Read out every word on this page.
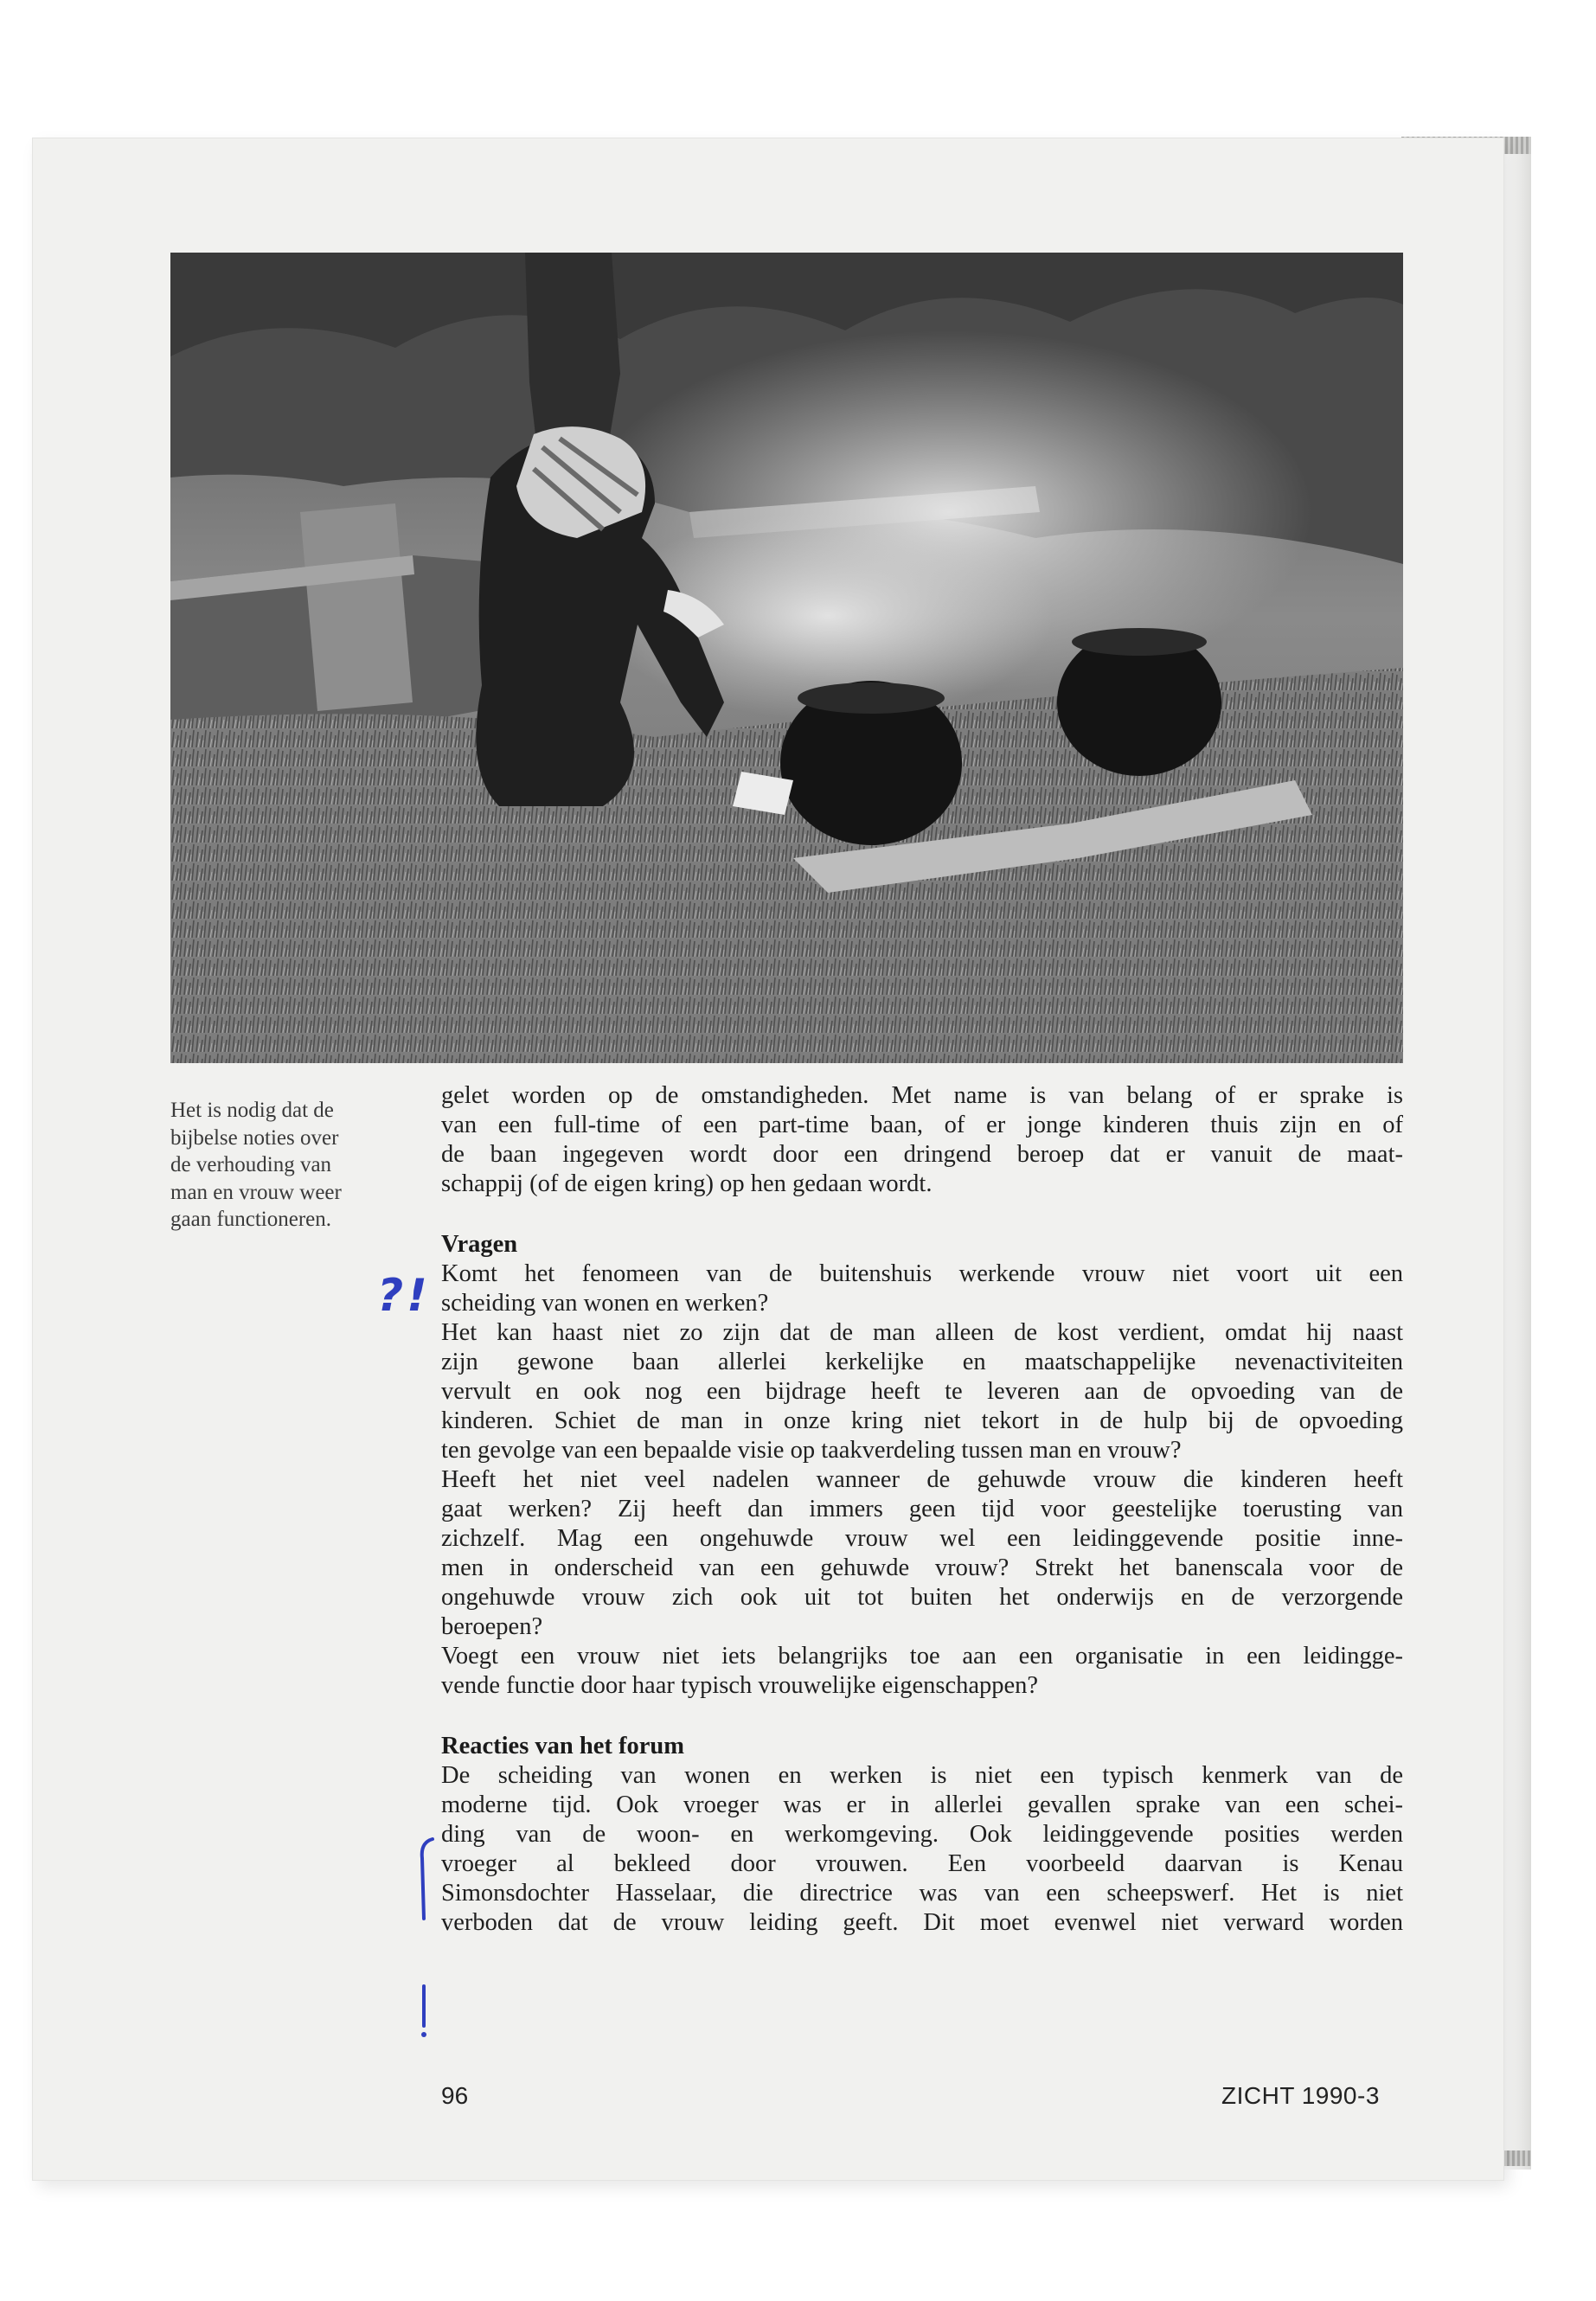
Het is nodig dat de
bijbelse noties over
de verhouding van
man en vrouw weer
gaan functioneren.
gelet worden op de omstandigheden. Met name is van belang of er sprake is
van een full-time of een part-time baan, of er jonge kinderen thuis zijn en of
de baan ingegeven wordt door een dringend beroep dat er vanuit de maat-
schappij (of de eigen kring) op hen gedaan wordt.
Vragen
Komt het fenomeen van de buitenshuis werkende vrouw niet voort uit een
scheiding van wonen en werken?
Het kan haast niet zo zijn dat de man alleen de kost verdient, omdat hij naast
zijn gewone baan allerlei kerkelijke en maatschappelijke nevenactiviteiten
vervult en ook nog een bijdrage heeft te leveren aan de opvoeding van de
kinderen. Schiet de man in onze kring niet tekort in de hulp bij de opvoeding
ten gevolge van een bepaalde visie op taakverdeling tussen man en vrouw?
Heeft het niet veel nadelen wanneer de gehuwde vrouw die kinderen heeft
gaat werken? Zij heeft dan immers geen tijd voor geestelijke toerusting van
zichzelf. Mag een ongehuwde vrouw wel een leidinggevende positie inne-
men in onderscheid van een gehuwde vrouw? Strekt het banenscala voor de
ongehuwde vrouw zich ook uit tot buiten het onderwijs en de verzorgende
beroepen?
Voegt een vrouw niet iets belangrijks toe aan een organisatie in een leidingge-
vende functie door haar typisch vrouwelijke eigenschappen?
Reacties van het forum
De scheiding van wonen en werken is niet een typisch kenmerk van de
moderne tijd. Ook vroeger was er in allerlei gevallen sprake van een schei-
ding van de woon- en werkomgeving. Ook leidinggevende posities werden
vroeger al bekleed door vrouwen. Een voorbeeld daarvan is Kenau
Simonsdochter Hasselaar, die directrice was van een scheepswerf. Het is niet
verboden dat de vrouw leiding geeft. Dit moet evenwel niet verward worden
?!
96	ZICHT 1990-3
